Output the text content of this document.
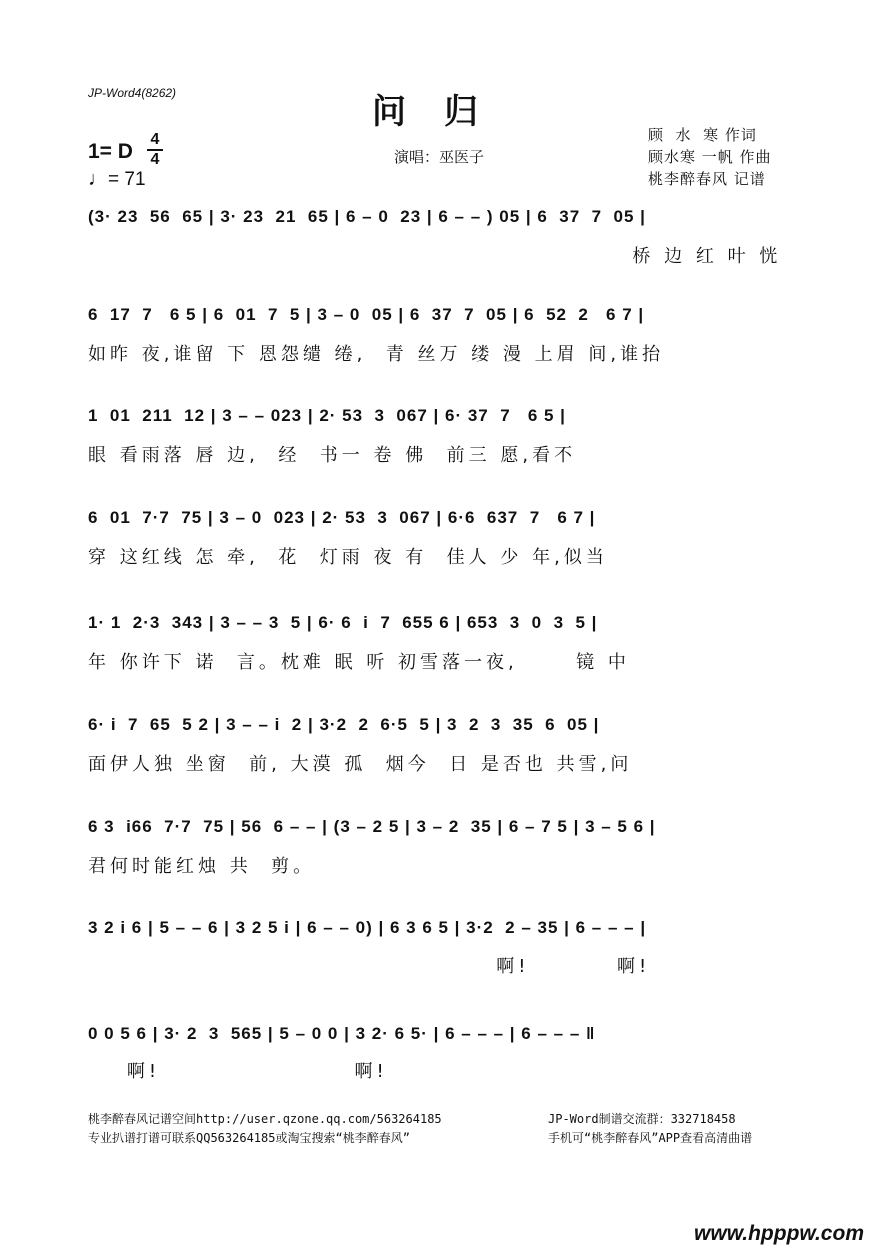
JP-Word4(8262)	问归
1= D
4
4
♩= 71
演唱：巫医子
顾  水  寒 作词
顾水寒 一帆 作曲
桃李醉春风 记谱
(3· 23  56  65 | 3· 23  21  65 | 6 – 0  23 | 6 – – ) 05 | 6  37  7  05 |
桥 边 红 叶 恍
6  17  7   6 5 | 6  01  7  5 | 3 – 0  05 | 6  37  7  05 | 6  52  2   6 7 |
如昨 夜,谁留 下 恩怨缱 绻,  青 丝万 缕 漫 上眉 间,谁抬
1  01  211  12 | 3 – – 023 | 2· 53  3  067 | 6· 37  7   6 5 |
眼 看雨落 唇 边,  经  书一 卷 佛  前三 愿,看不
6  01  7·7  75 | 3 – 0  023 | 2· 53  3  067 | 6·6  637  7   6 7 |
穿 这红线 怎 牵,  花  灯雨 夜 有  佳人 少 年,似当
1· 1  2·3  343 | 3 – – 3  5 | 6· 6  i  7  655 6 | 653  3  0  3  5 |
年 你许下 诺  言。枕难 眠 听 初雪落一夜,      镜 中
6· i  7  65  5 2 | 3 – – i  2 | 3·2  2  6·5  5 | 3  2  3  35  6  05 |
面伊人独 坐窗  前, 大漠 孤  烟今  日 是否也 共雪,问
6 3  i66  7·7  75 | 56  6 – – | (3 – 2 5 | 3 – 2  35 | 6 – 7 5 | 3 – 5 6 |
君何时能红烛 共  剪。
3 2 i 6 | 5 – – 6 | 3 2 5 i | 6 – – 0) | 6 3 6 5 | 3·2  2 – 35 | 6 – – – |
啊!         啊!
0 0 5 6 | 3· 2  3  565 | 5 – 0 0 | 3 2· 6 5· | 6 – – – | 6 – – – ‖
啊!                    啊!
桃李醉春风记谱空间http://user.qzone.qq.com/563264185
专业扒谱打谱可联系QQ563264185或淘宝搜索“桃李醉春风”
JP-Word制谱交流群：332718458
手机可“桃李醉春风”APP查看高清曲谱
www.hpppw.com
